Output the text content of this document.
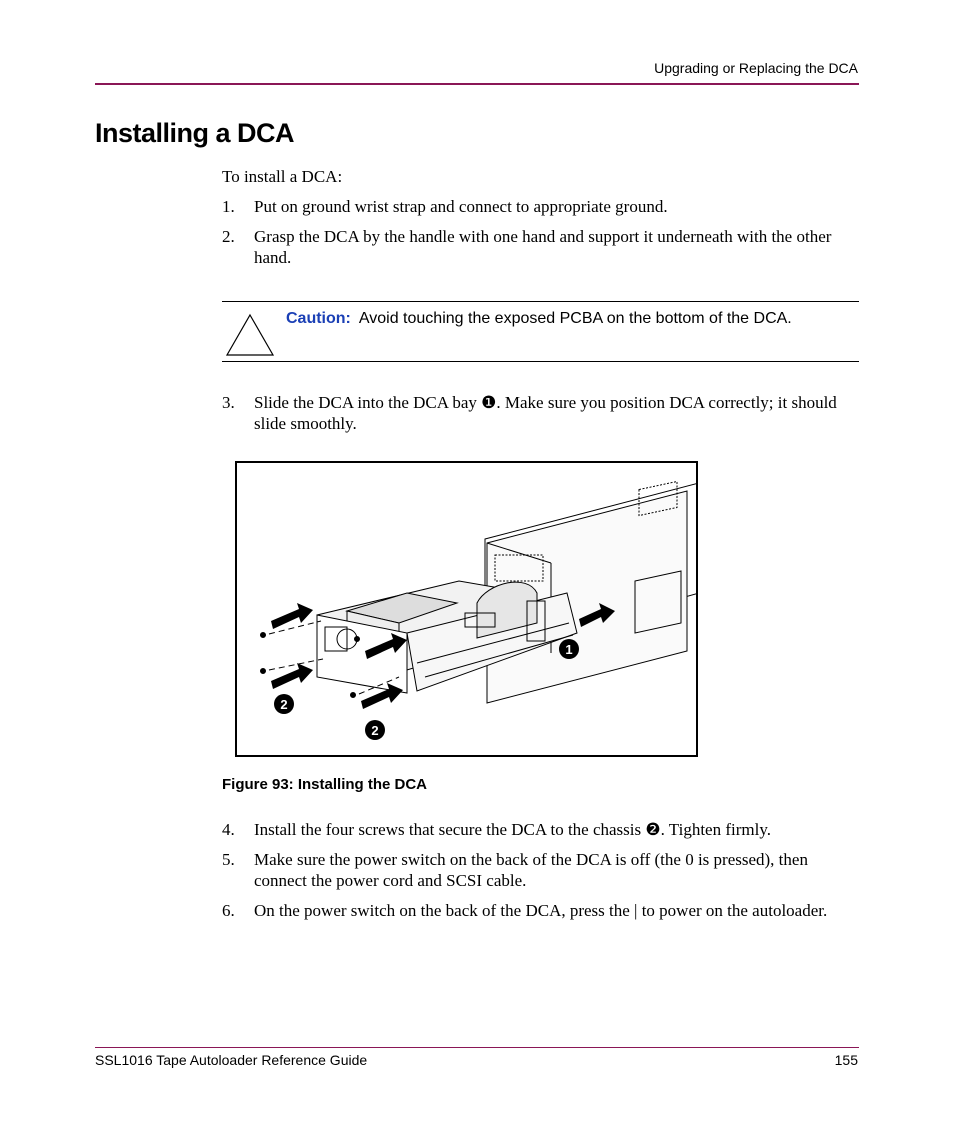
Upgrading or Replacing the DCA
Installing a DCA
To install a DCA:
1. Put on ground wrist strap and connect to appropriate ground.
2. Grasp the DCA by the handle with one hand and support it underneath with the other hand.
Caution: Avoid touching the exposed PCBA on the bottom of the DCA.
3. Slide the DCA into the DCA bay ❶. Make sure you position DCA correctly; it should slide smoothly.
1
2
2
Figure 93: Installing the DCA
4. Install the four screws that secure the DCA to the chassis ❷. Tighten firmly.
5. Make sure the power switch on the back of the DCA is off (the 0 is pressed), then connect the power cord and SCSI cable.
6. On the power switch on the back of the DCA, press the | to power on the autoloader.
SSL1016 Tape Autoloader Reference Guide	155
